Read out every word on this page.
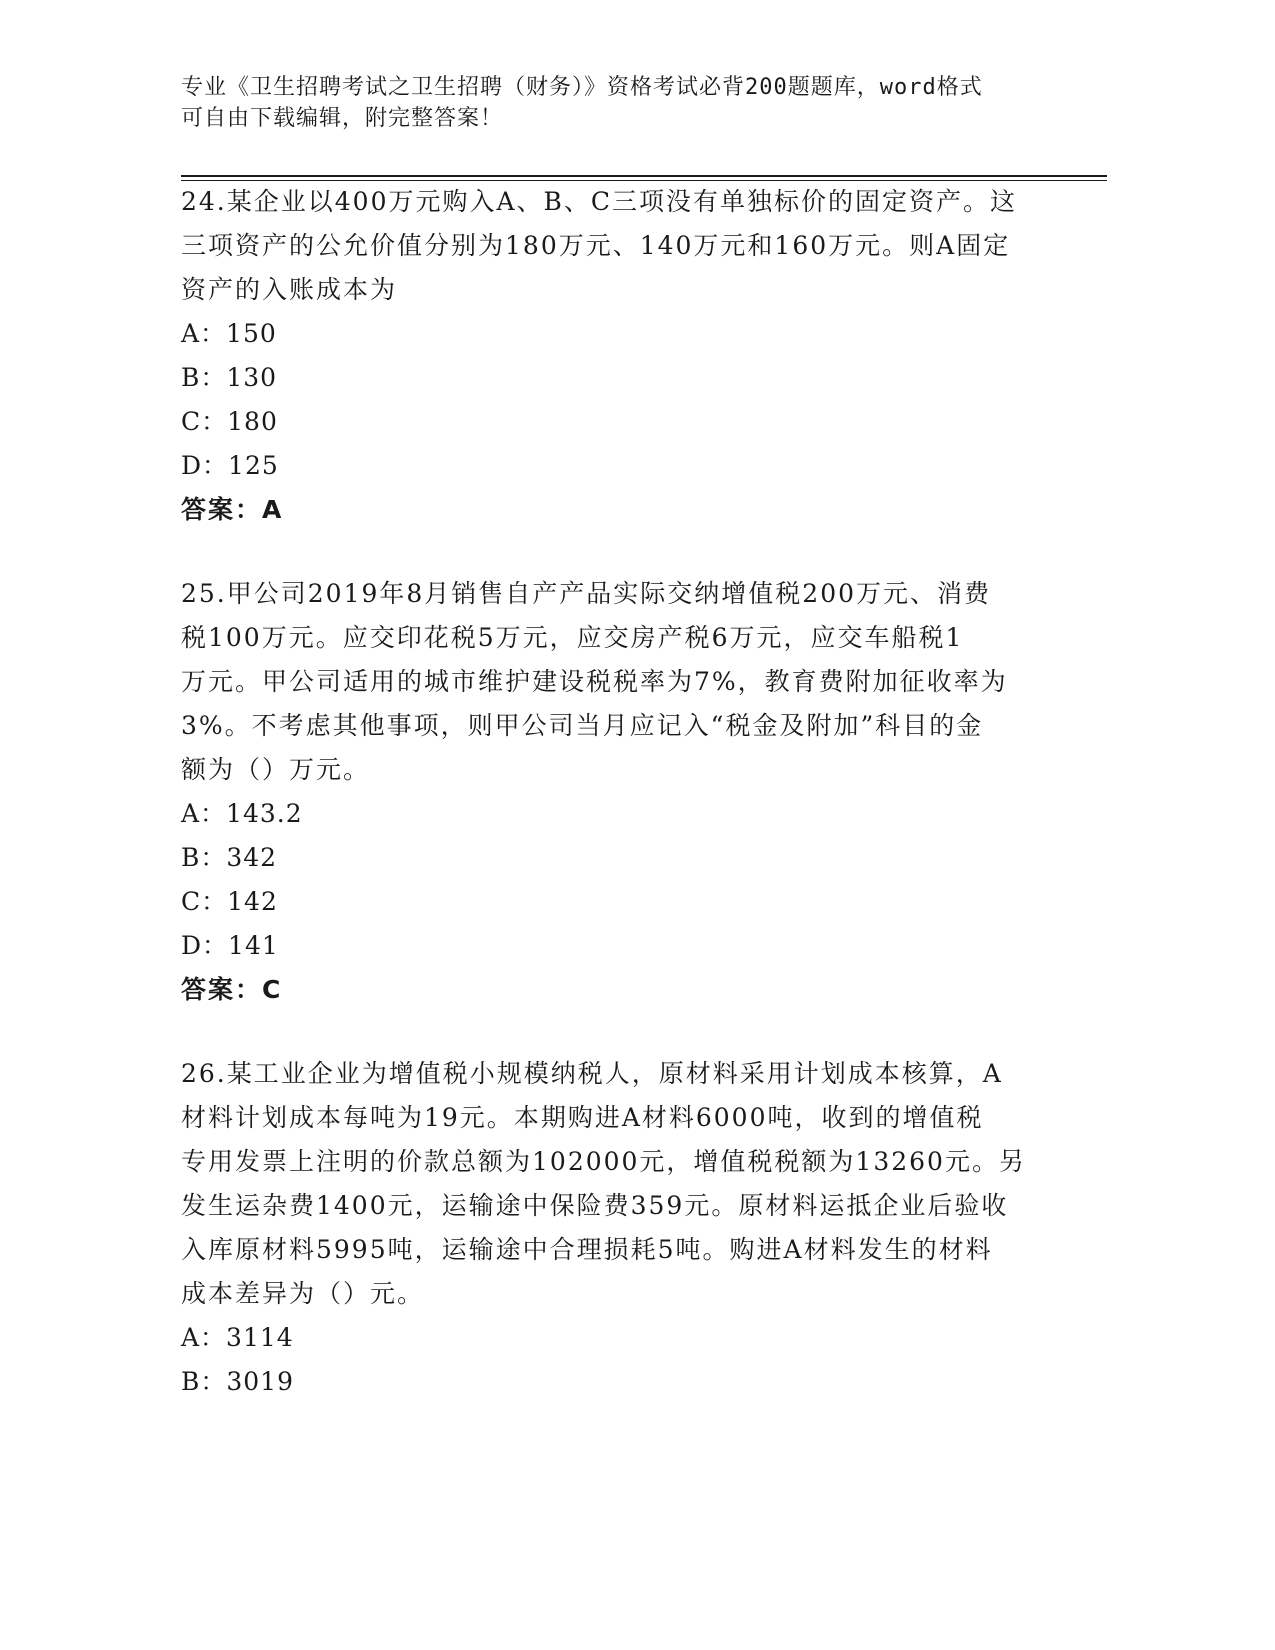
专业《卫生招聘考试之卫生招聘（财务）》资格考试必背200题题库，word格式
可自由下载编辑，附完整答案！
24.某企业以400万元购入A、B、C三项没有单独标价的固定资产。这
三项资产的公允价值分别为180万元、140万元和160万元。则A固定
资产的入账成本为
A：150
B：130
C：180
D：125
答案：A
25.甲公司2019年8月销售自产产品实际交纳增值税200万元、消费
税100万元。应交印花税5万元，应交房产税6万元，应交车船税1
万元。甲公司适用的城市维护建设税税率为7%，教育费附加征收率为
3%。不考虑其他事项，则甲公司当月应记入“税金及附加”科目的金
额为（）万元。
A：143.2
B：342
C：142
D：141
答案：C
26.某工业企业为增值税小规模纳税人，原材料采用计划成本核算，A
材料计划成本每吨为19元。本期购进A材料6000吨，收到的增值税
专用发票上注明的价款总额为102000元，增值税税额为13260元。另
发生运杂费1400元，运输途中保险费359元。原材料运抵企业后验收
入库原材料5995吨，运输途中合理损耗5吨。购进A材料发生的材料
成本差异为（）元。
A：3114
B：3019
